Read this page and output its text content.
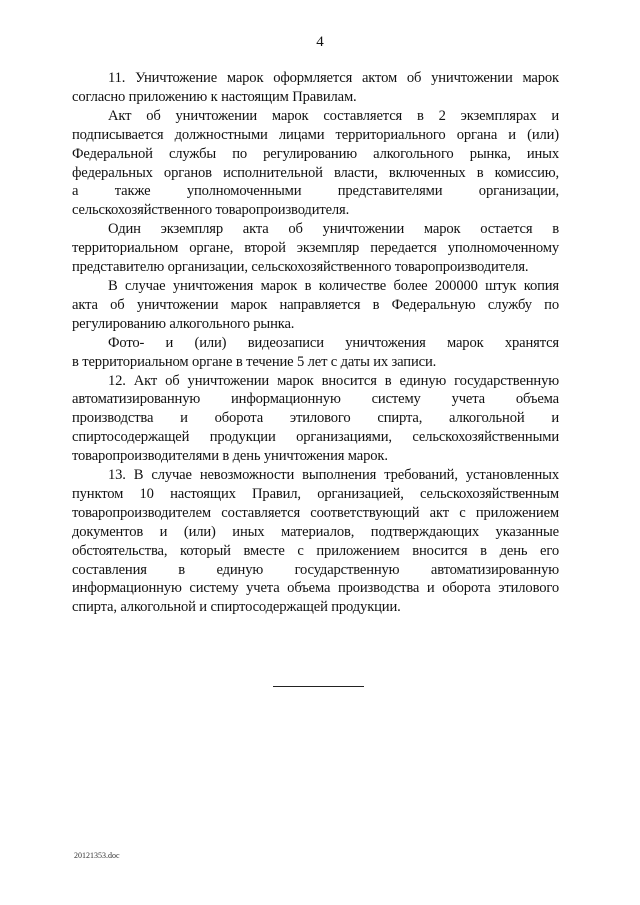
4
11. Уничтожение марок оформляется актом об уничтожении марок
согласно приложению к настоящим Правилам.
Акт об уничтожении марок составляется в 2 экземплярах и
подписывается должностными лицами территориального органа и (или)
Федеральной службы по регулированию алкогольного рынка, иных
федеральных органов исполнительной власти, включенных в комиссию,
а также уполномоченными представителями организации,
сельскохозяйственного товаропроизводителя.
Один экземпляр акта об уничтожении марок остается в
территориальном органе, второй экземпляр передается уполномоченному
представителю организации, сельскохозяйственного товаропроизводителя.
В случае уничтожения марок в количестве более 200000 штук копия
акта об уничтожении марок направляется в Федеральную службу по
регулированию алкогольного рынка.
Фото- и (или) видеозаписи уничтожения марок хранятся
в территориальном органе в течение 5 лет с даты их записи.
12. Акт об уничтожении марок вносится в единую государственную
автоматизированную информационную систему учета объема
производства и оборота этилового спирта, алкогольной и
спиртосодержащей продукции организациями, сельскохозяйственными
товаропроизводителями в день уничтожения марок.
13. В случае невозможности выполнения требований, установленных
пунктом 10 настоящих Правил, организацией, сельскохозяйственным
товаропроизводителем составляется соответствующий акт с приложением
документов и (или) иных материалов, подтверждающих указанные
обстоятельства, который вместе с приложением вносится в день его
составления в единую государственную автоматизированную
информационную систему учета объема производства и оборота этилового
спирта, алкогольной и спиртосодержащей продукции.
20121353.doc
